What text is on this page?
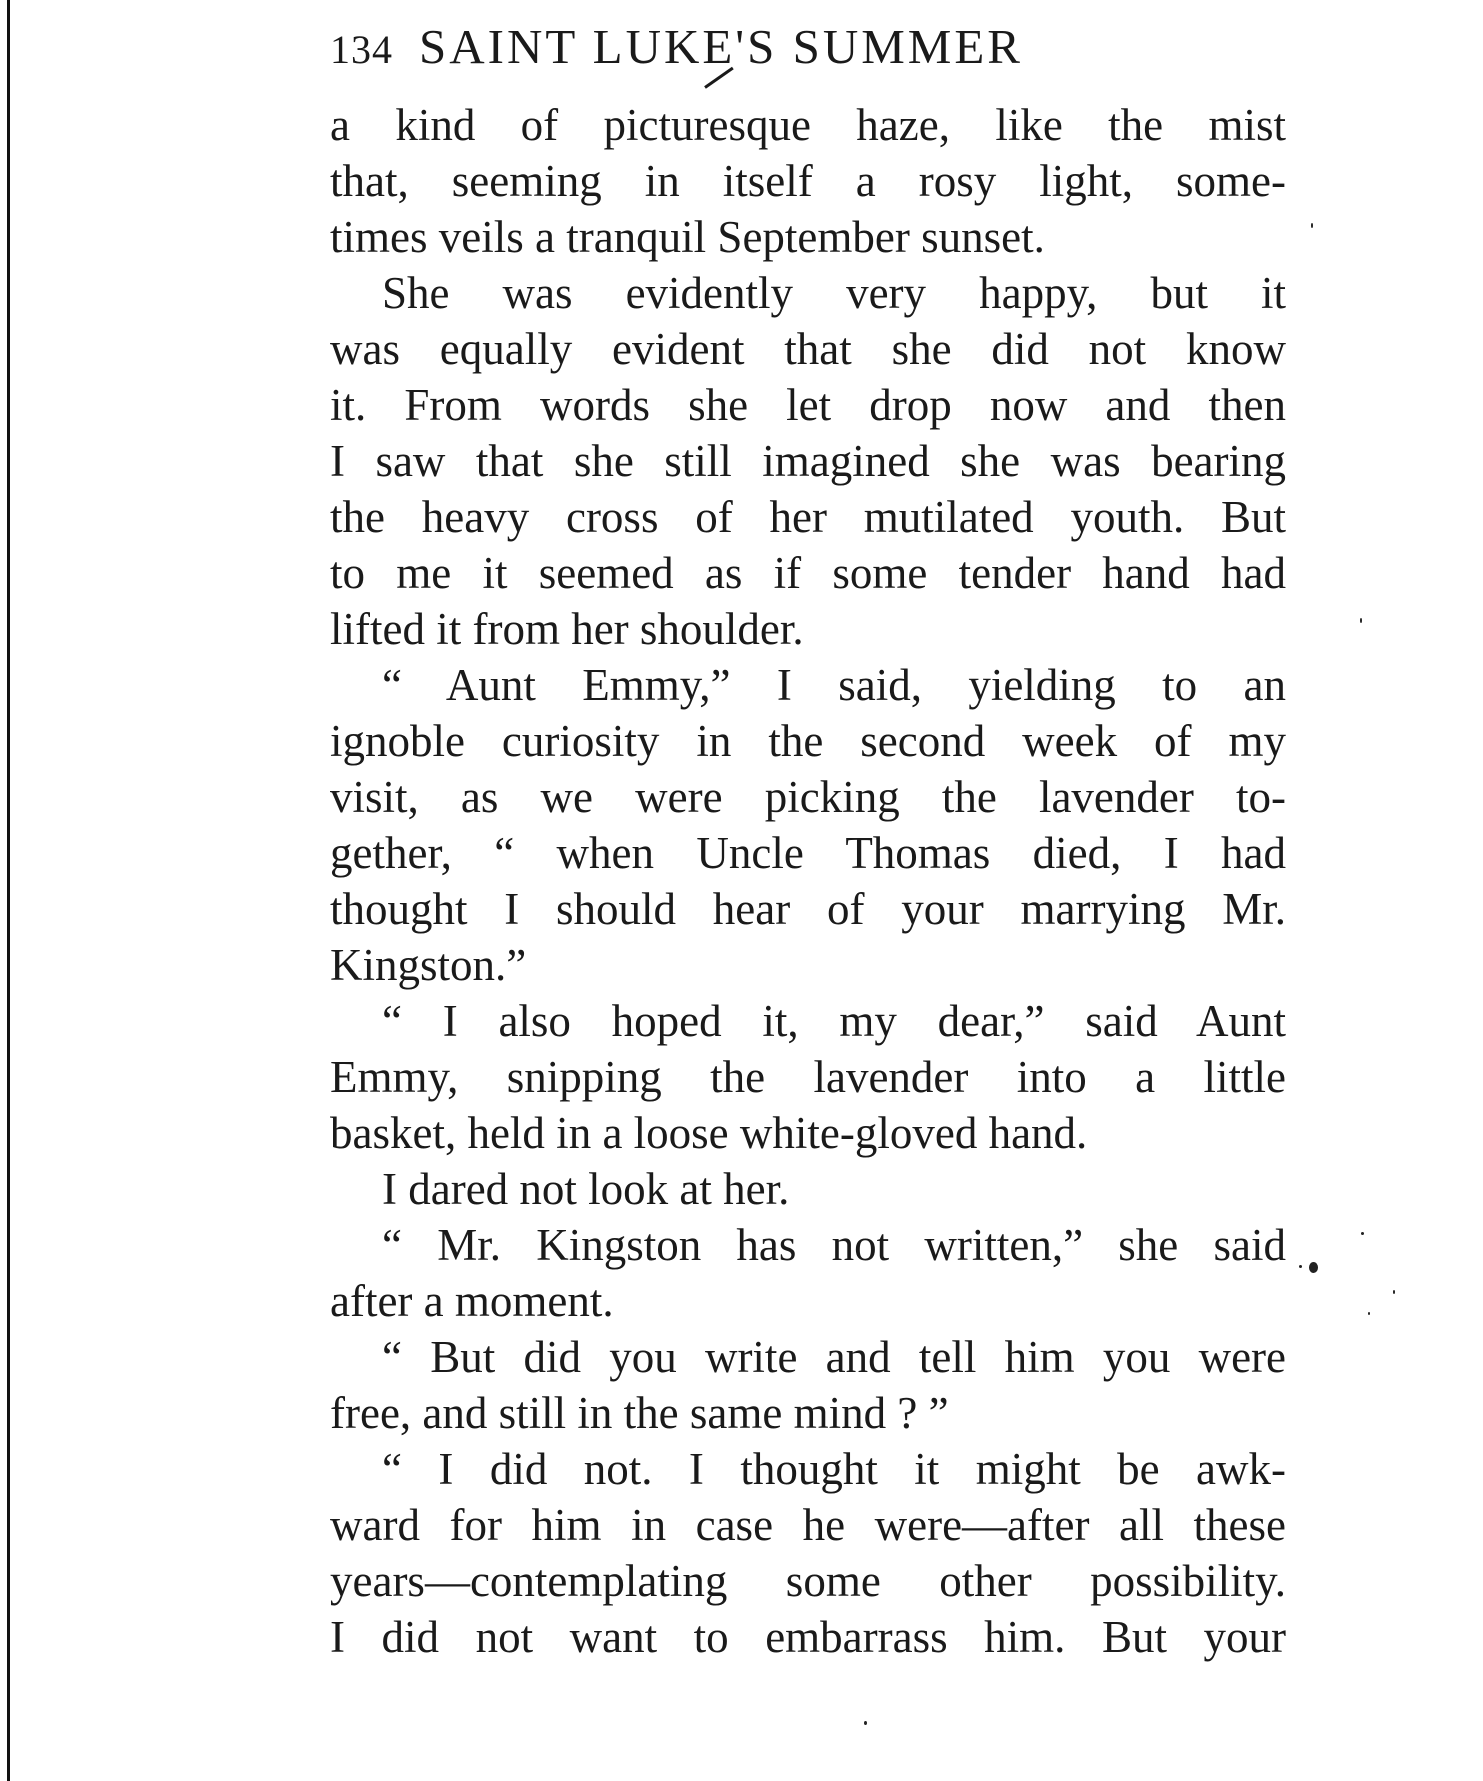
134 SAINT LUKE'S SUMMER
a kind of picturesque haze, like the mist
that, seeming in itself a rosy light, some-
times veils a tranquil September sunset.
She was evidently very happy, but it
was equally evident that she did not know
it. From words she let drop now and then
I saw that she still imagined she was bearing
the heavy cross of her mutilated youth. But
to me it seemed as if some tender hand had
lifted it from her shoulder.
“ Aunt Emmy,” I said, yielding to an
ignoble curiosity in the second week of my
visit, as we were picking the lavender to-
gether, “ when Uncle Thomas died, I had
thought I should hear of your marrying Mr.
Kingston.”
“ I also hoped it, my dear,” said Aunt
Emmy, snipping the lavender into a little
basket, held in a loose white-gloved hand.
I dared not look at her.
“ Mr. Kingston has not written,” she said
after a moment.
“ But did you write and tell him you were
free, and still in the same mind ? ”
“ I did not. I thought it might be awk-
ward for him in case he were—after all these
years—contemplating some other possibility.
I did not want to embarrass him. But your
